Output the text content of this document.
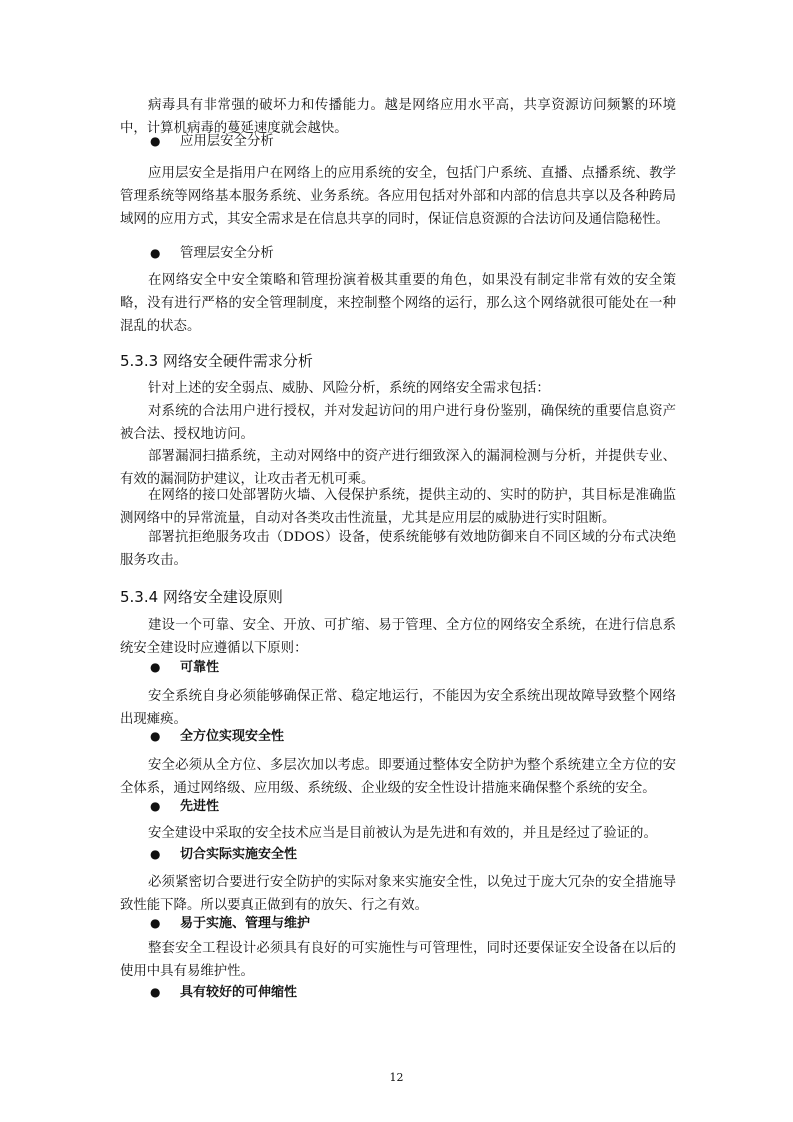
病毒具有非常强的破坏力和传播能力。越是网络应用水平高，共享资源访问频繁的环境中，计算机病毒的蔓延速度就会越快。
● 应用层安全分析
应用层安全是指用户在网络上的应用系统的安全，包括门户系统、直播、点播系统、教学管理系统等网络基本服务系统、业务系统。各应用包括对外部和内部的信息共享以及各种跨局域网的应用方式，其安全需求是在信息共享的同时，保证信息资源的合法访问及通信隐秘性。
● 管理层安全分析
在网络安全中安全策略和管理扮演着极其重要的角色，如果没有制定非常有效的安全策略，没有进行严格的安全管理制度，来控制整个网络的运行，那么这个网络就很可能处在一种混乱的状态。
5.3.3 网络安全硬件需求分析
针对上述的安全弱点、威胁、风险分析，系统的网络安全需求包括：
对系统的合法用户进行授权，并对发起访问的用户进行身份鉴别，确保统的重要信息资产被合法、授权地访问。
部署漏洞扫描系统，主动对网络中的资产进行细致深入的漏洞检测与分析，并提供专业、有效的漏洞防护建议，让攻击者无机可乘。
在网络的接口处部署防火墙、入侵保护系统，提供主动的、实时的防护，其目标是准确监测网络中的异常流量，自动对各类攻击性流量，尤其是应用层的威胁进行实时阻断。
部署抗拒绝服务攻击（DDOS）设备，使系统能够有效地防御来自不同区域的分布式决绝服务攻击。
5.3.4 网络安全建设原则
建设一个可靠、安全、开放、可扩缩、易于管理、全方位的网络安全系统，在进行信息系统安全建设时应遵循以下原则：
● 可靠性
安全系统自身必须能够确保正常、稳定地运行，不能因为安全系统出现故障导致整个网络出现瘫痪。
● 全方位实现安全性
安全必须从全方位、多层次加以考虑。即要通过整体安全防护为整个系统建立全方位的安全体系，通过网络级、应用级、系统级、企业级的安全性设计措施来确保整个系统的安全。
● 先进性
安全建设中采取的安全技术应当是目前被认为是先进和有效的，并且是经过了验证的。
● 切合实际实施安全性
必须紧密切合要进行安全防护的实际对象来实施安全性，以免过于庞大冗杂的安全措施导致性能下降。所以要真正做到有的放矢、行之有效。
● 易于实施、管理与维护
整套安全工程设计必须具有良好的可实施性与可管理性，同时还要保证安全设备在以后的使用中具有易维护性。
● 具有较好的可伸缩性
12
